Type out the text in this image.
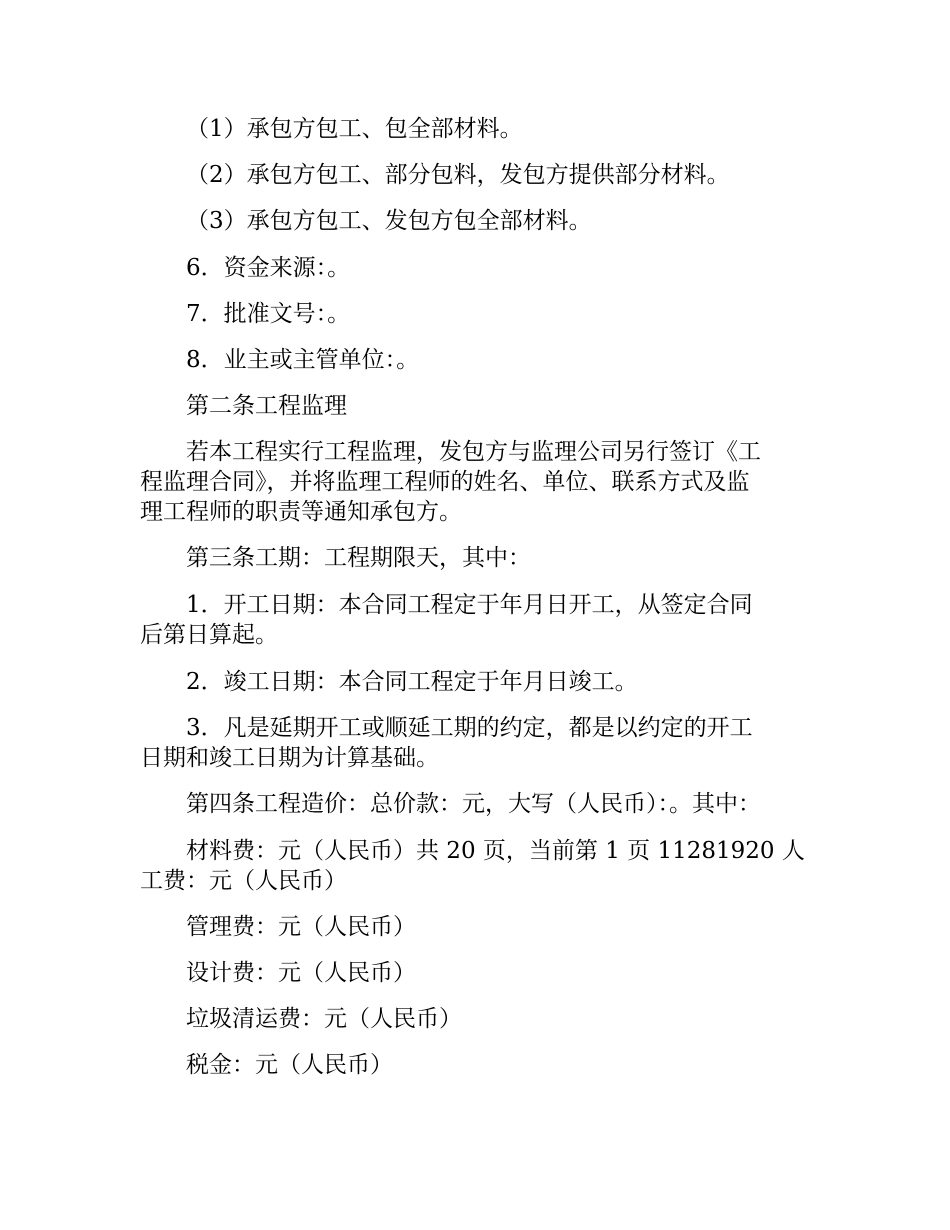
（1）承包方包工、包全部材料。

（2）承包方包工、部分包料，发包方提供部分材料。

（3）承包方包工、发包方包全部材料。

6．资金来源：。

7．批准文号：。

8．业主或主管单位：。

第二条工程监理

若本工程实行工程监理，发包方与监理公司另行签订《工
程监理合同》，并将监理工程师的姓名、单位、联系方式及监
理工程师的职责等通知承包方。

第三条工期：工程期限天，其中：

1．开工日期：本合同工程定于年月日开工，从签定合同
后第日算起。

2．竣工日期：本合同工程定于年月日竣工。

3．凡是延期开工或顺延工期的约定，都是以约定的开工
日期和竣工日期为计算基础。

第四条工程造价：总价款：元，大写（人民币）：。其中：

材料费：元（人民币）共 20 页，当前第 1 页 11281920 人
工费：元（人民币）

管理费：元（人民币）

设计费：元（人民币）

垃圾清运费：元（人民币）

税金：元（人民币）
